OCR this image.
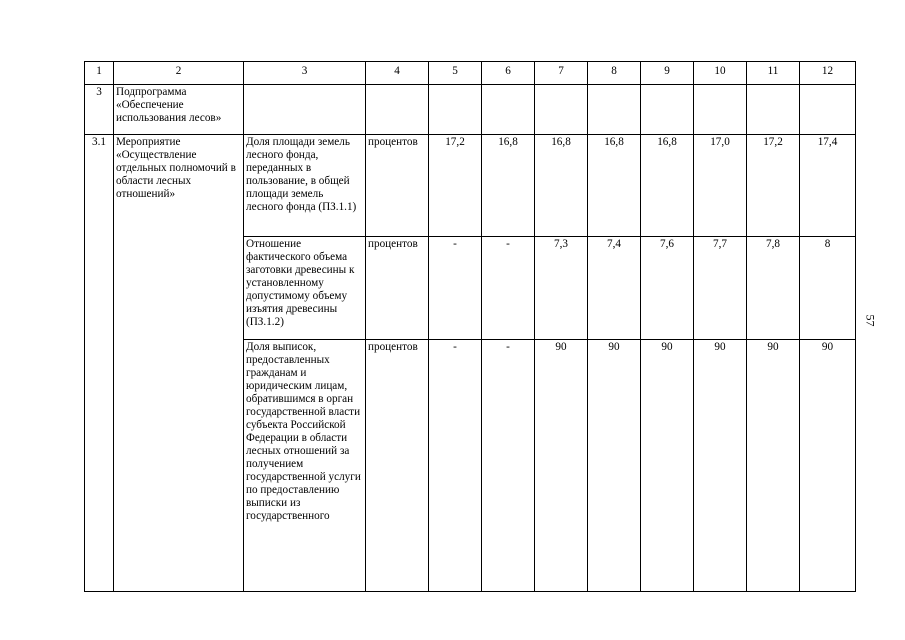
1	2	3	4	5	6	7	8	9	10	11	12
3	Подпрограмма «Обеспечение использования лесов»										
3.1	Мероприятие «Осуществление отдельных полномочий в области лесных отношений»	Доля площади земель лесного фонда, переданных в пользование, в общей площади земель лесного фонда (ПЗ.1.1)	процентов	17,2	16,8	16,8	16,8	16,8	17,0	17,2	17,4
		Отношение фактического объема заготовки древесины к установленному допустимому объему изъятия древесины (ПЗ.1.2)	процентов	-	-	7,3	7,4	7,6	7,7	7,8	8
		Доля выписок, предоставленных гражданам и юридическим лицам, обратившимся в орган государственной власти субъекта Российской Федерации в области лесных отношений за получением государственной услуги по предоставлению выписки из государственного	процентов	-	-	90	90	90	90	90	90
57
